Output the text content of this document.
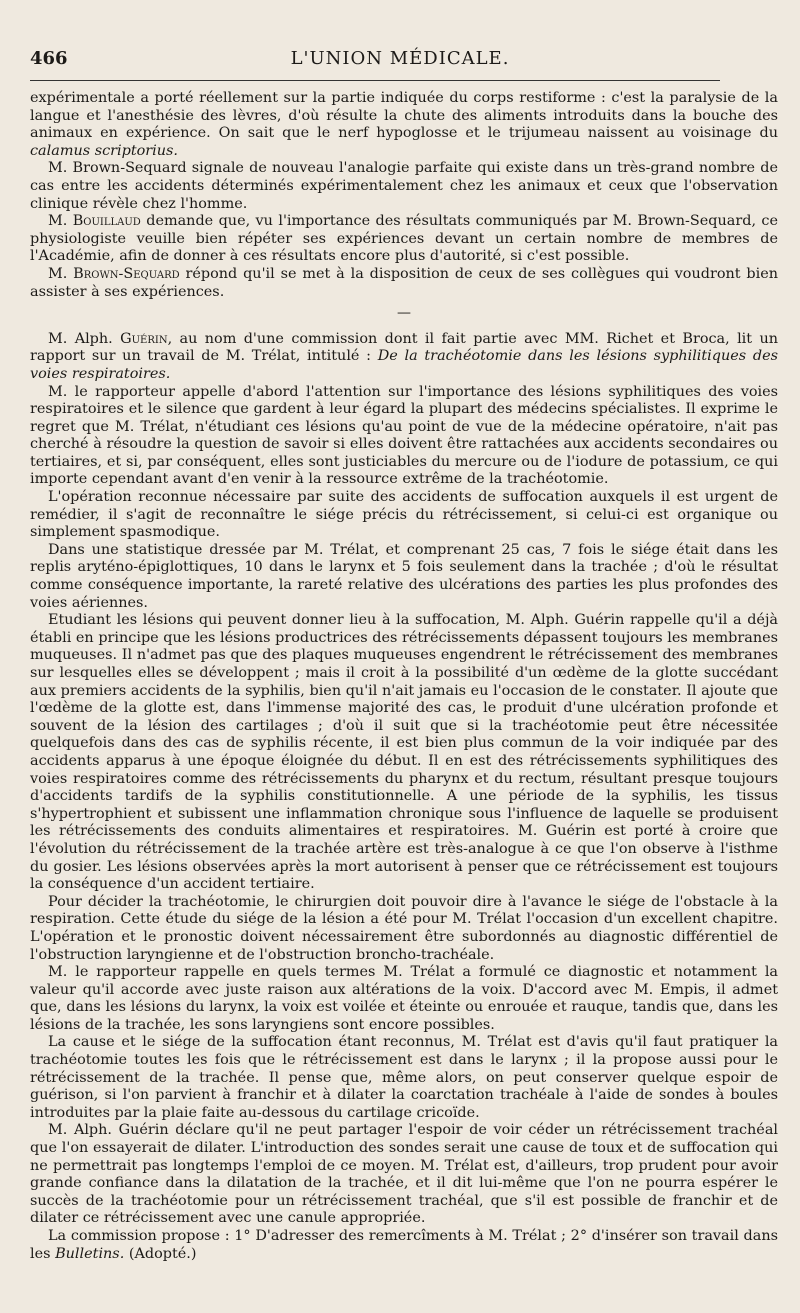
466	L'UNION MÉDICALE.

expérimentale a porté réellement sur la partie indiquée du corps restiforme : c'est la paralysie de la langue et l'anesthésie des lèvres, d'où résulte la chute des aliments introduits dans la bouche des animaux en expérience. On sait que le nerf hypoglosse et le trijumeau naissent au voisinage du calamus scriptorius.

M. Brown-Sequard signale de nouveau l'analogie parfaite qui existe dans un très-grand nombre de cas entre les accidents déterminés expérimentalement chez les animaux et ceux que l'observation clinique révèle chez l'homme.

M. Bouillaud demande que, vu l'importance des résultats communiqués par M. Brown-Sequard, ce physiologiste veuille bien répéter ses expériences devant un certain nombre de membres de l'Académie, afin de donner à ces résultats encore plus d'autorité, si c'est possible.

M. Brown-Sequard répond qu'il se met à la disposition de ceux de ses collègues qui voudront bien assister à ses expériences.

—

M. Alph. Guérin, au nom d'une commission dont il fait partie avec MM. Richet et Broca, lit un rapport sur un travail de M. Trélat, intitulé : De la trachéotomie dans les lésions syphilitiques des voies respiratoires.

M. le rapporteur appelle d'abord l'attention sur l'importance des lésions syphilitiques des voies respiratoires et le silence que gardent à leur égard la plupart des médecins spécialistes. Il exprime le regret que M. Trélat, n'étudiant ces lésions qu'au point de vue de la médecine opératoire, n'ait pas cherché à résoudre la question de savoir si elles doivent être rattachées aux accidents secondaires ou tertiaires, et si, par conséquent, elles sont justiciables du mercure ou de l'iodure de potassium, ce qui importe cependant avant d'en venir à la ressource extrême de la trachéotomie.

L'opération reconnue nécessaire par suite des accidents de suffocation auxquels il est urgent de remédier, il s'agit de reconnaître le siége précis du rétrécissement, si celui-ci est organique ou simplement spasmodique.

Dans une statistique dressée par M. Trélat, et comprenant 25 cas, 7 fois le siége était dans les replis aryténo-épiglottiques, 10 dans le larynx et 5 fois seulement dans la trachée ; d'où le résultat comme conséquence importante, la rareté relative des ulcérations des parties les plus profondes des voies aériennes.

Etudiant les lésions qui peuvent donner lieu à la suffocation, M. Alph. Guérin rappelle qu'il a déjà établi en principe que les lésions productrices des rétrécissements dépassent toujours les membranes muqueuses. Il n'admet pas que des plaques muqueuses engendrent le rétrécissement des membranes sur lesquelles elles se développent ; mais il croit à la possibilité d'un œdème de la glotte succédant aux premiers accidents de la syphilis, bien qu'il n'ait jamais eu l'occasion de le constater. Il ajoute que l'œdème de la glotte est, dans l'immense majorité des cas, le produit d'une ulcération profonde et souvent de la lésion des cartilages ; d'où il suit que si la trachéotomie peut être nécessitée quelquefois dans des cas de syphilis récente, il est bien plus commun de la voir indiquée par des accidents apparus à une époque éloignée du début. Il en est des rétrécissements syphilitiques des voies respiratoires comme des rétrécissements du pharynx et du rectum, résultant presque toujours d'accidents tardifs de la syphilis constitutionnelle. A une période de la syphilis, les tissus s'hypertrophient et subissent une inflammation chronique sous l'influence de laquelle se produisent les rétrécissements des conduits alimentaires et respiratoires. M. Guérin est porté à croire que l'évolution du rétrécissement de la trachée artère est très-analogue à ce que l'on observe à l'isthme du gosier. Les lésions observées après la mort autorisent à penser que ce rétrécissement est toujours la conséquence d'un accident tertiaire.

Pour décider la trachéotomie, le chirurgien doit pouvoir dire à l'avance le siége de l'obstacle à la respiration. Cette étude du siége de la lésion a été pour M. Trélat l'occasion d'un excellent chapitre. L'opération et le pronostic doivent nécessairement être subordonnés au diagnostic différentiel de l'obstruction laryngienne et de l'obstruction broncho-trachéale.

M. le rapporteur rappelle en quels termes M. Trélat a formulé ce diagnostic et notamment la valeur qu'il accorde avec juste raison aux altérations de la voix. D'accord avec M. Empis, il admet que, dans les lésions du larynx, la voix est voilée et éteinte ou enrouée et rauque, tandis que, dans les lésions de la trachée, les sons laryngiens sont encore possibles.

La cause et le siége de la suffocation étant reconnus, M. Trélat est d'avis qu'il faut pratiquer la trachéotomie toutes les fois que le rétrécissement est dans le larynx ; il la propose aussi pour le rétrécissement de la trachée. Il pense que, même alors, on peut conserver quelque espoir de guérison, si l'on parvient à franchir et à dilater la coarctation trachéale à l'aide de sondes à boules introduites par la plaie faite au-dessous du cartilage cricoïde.

M. Alph. Guérin déclare qu'il ne peut partager l'espoir de voir céder un rétrécissement trachéal que l'on essayerait de dilater. L'introduction des sondes serait une cause de toux et de suffocation qui ne permettrait pas longtemps l'emploi de ce moyen. M. Trélat est, d'ailleurs, trop prudent pour avoir grande confiance dans la dilatation de la trachée, et il dit lui-même que l'on ne pourra espérer le succès de la trachéotomie pour un rétrécissement trachéal, que s'il est possible de franchir et de dilater ce rétrécissement avec une canule appropriée.

La commission propose : 1° D'adresser des remercîments à M. Trélat ; 2° d'insérer son travail dans les Bulletins. (Adopté.)
